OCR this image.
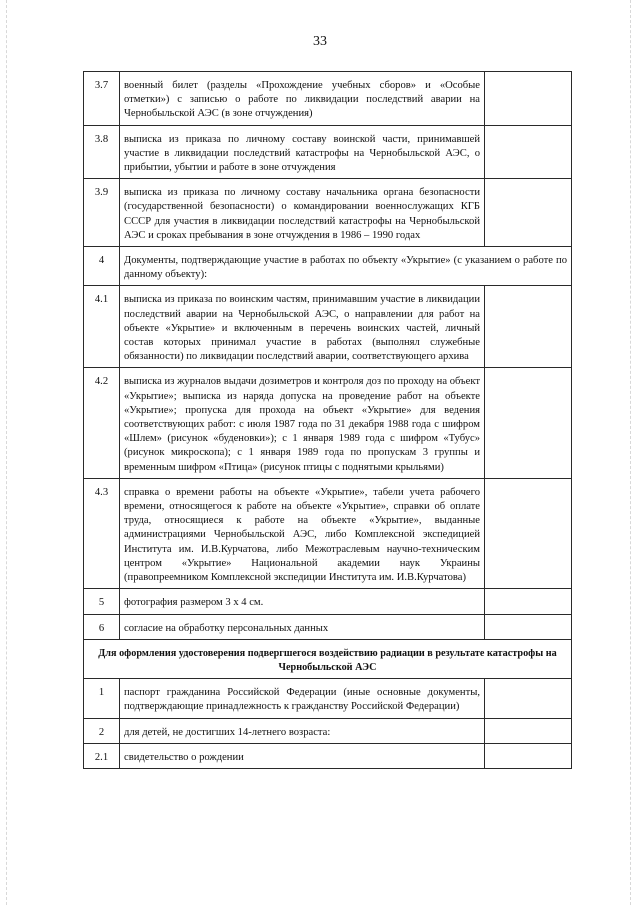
33
3.7	военный билет (разделы «Прохождение учебных сборов» и «Особые отметки») с записью о работе по ликвидации последствий аварии на Чернобыльской АЭС (в зоне отчуждения)	
3.8	выписка из приказа по личному составу воинской части, принимавшей участие в ликвидации последствий катастрофы на Чернобыльской АЭС, о прибытии, убытии и работе в зоне отчуждения	
3.9	выписка из приказа по личному составу начальника органа безопасности (государственной безопасности) о командировании военнослужащих КГБ СССР для участия в ликвидации последствий катастрофы на Чернобыльской АЭС и сроках пребывания в зоне отчуждения в 1986 – 1990 годах	
4	Документы, подтверждающие участие в работах по объекту «Укрытие» (с указанием о работе по данному объекту):	
4.1	выписка из приказа по воинским частям, принимавшим участие в ликвидации последствий аварии на Чернобыльской АЭС, о направлении для работ на объекте «Укрытие» и включенным в перечень воинских частей, личный состав которых принимал участие в работах (выполнял служебные обязанности) по ликвидации последствий аварии, соответствующего архива	
4.2	выписка из журналов выдачи дозиметров и контроля доз по проходу на объект «Укрытие»; выписка из наряда допуска на проведение работ на объекте «Укрытие»; пропуска для прохода на объект «Укрытие» для ведения соответствующих работ: с июля 1987 года по 31 декабря 1988 года с шифром «Шлем» (рисунок «буденовки»); с 1 января 1989 года с шифром «Тубус» (рисунок микроскопа); с 1 января 1989 года по пропускам 3 группы и временным шифром «Птица» (рисунок птицы с поднятыми крыльями)	
4.3	справка о времени работы на объекте «Укрытие», табели учета рабочего времени, относящегося к работе на объекте «Укрытие», справки об оплате труда, относящиеся к работе на объекте «Укрытие», выданные администрациями Чернобыльской АЭС, либо Комплексной экспедицией Института им. И.В.Курчатова, либо Межотраслевым научно-техническим центром «Укрытие» Национальной академии наук Украины (правопреемником Комплексной экспедиции Института им. И.В.Курчатова)	
5	фотография размером 3 х 4 см.	
6	согласие на обработку персональных данных	
Для оформления удостоверения подвергшегося воздействию радиации в результате катастрофы на Чернобыльской АЭС		
1	паспорт гражданина Российской Федерации (иные основные документы, подтверждающие принадлежность к гражданству Российской Федерации)	
2	для детей, не достигших 14-летнего возраста:	
2.1	свидетельство о рождении	
